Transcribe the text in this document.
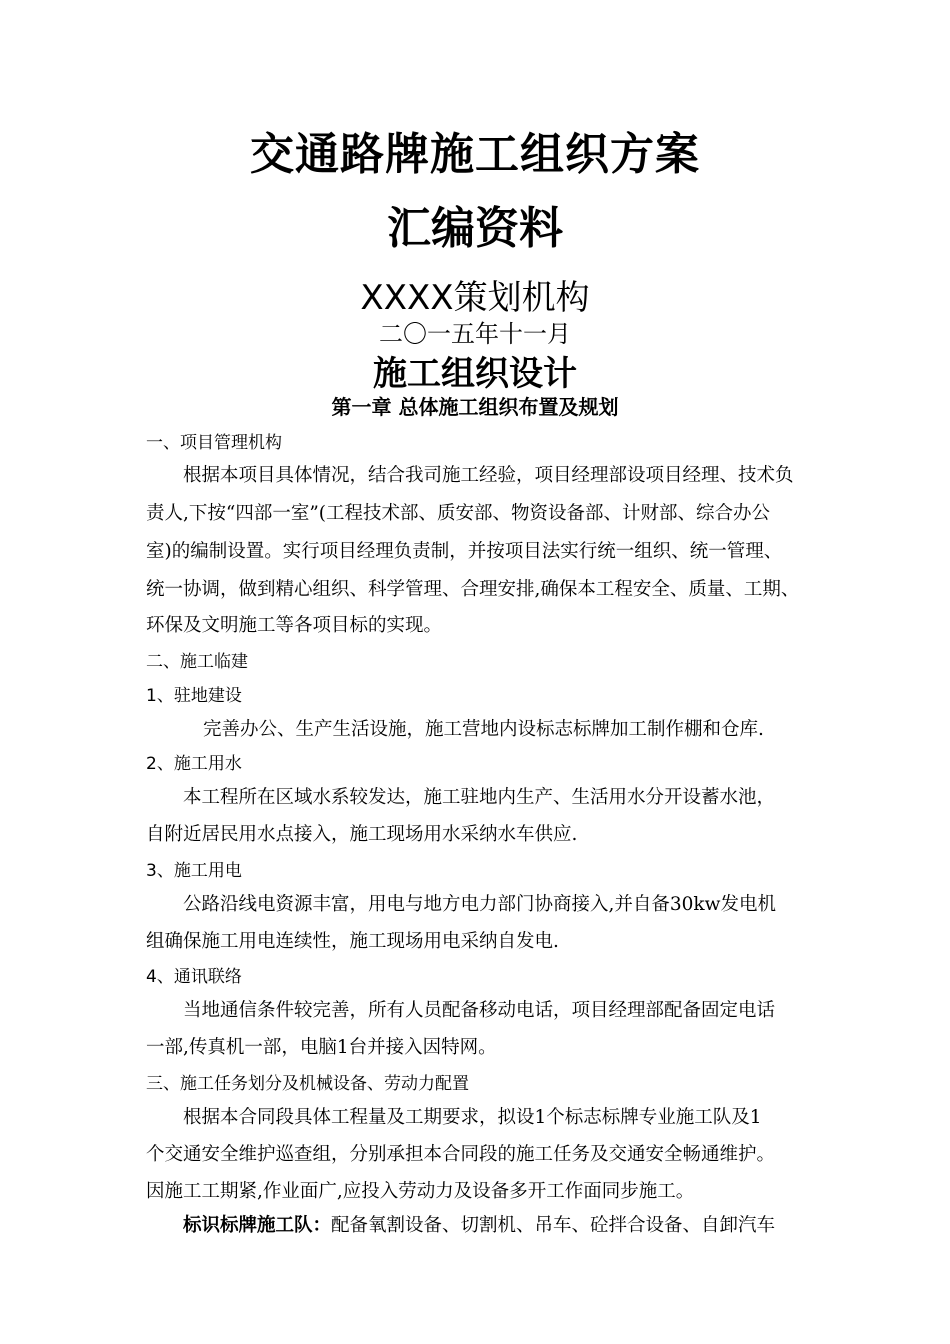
交通路牌施工组织方案
汇编资料
XXXX策划机构
二〇一五年十一月
施工组织设计
第一章 总体施工组织布置及规划
一、项目管理机构
根据本项目具体情况，结合我司施工经验，项目经理部设项目经理、技术负
责人,下按“四部一室”(工程技术部、质安部、物资设备部、计财部、综合办公
室)的编制设置。实行项目经理负责制，并按项目法实行统一组织、统一管理、
统一协调，做到精心组织、科学管理、合理安排,确保本工程安全、质量、工期、
环保及文明施工等各项目标的实现。
二、施工临建
1、驻地建设
完善办公、生产生活设施，施工营地内设标志标牌加工制作棚和仓库.
2、施工用水
本工程所在区域水系较发达，施工驻地内生产、生活用水分开设蓄水池，
自附近居民用水点接入，施工现场用水采纳水车供应.
3、施工用电
公路沿线电资源丰富，用电与地方电力部门协商接入,并自备30kw发电机
组确保施工用电连续性，施工现场用电采纳自发电.
4、通讯联络
当地通信条件较完善，所有人员配备移动电话，项目经理部配备固定电话
一部,传真机一部，电脑1台并接入因特网。
三、施工任务划分及机械设备、劳动力配置
根据本合同段具体工程量及工期要求，拟设1个标志标牌专业施工队及1
个交通安全维护巡查组，分别承担本合同段的施工任务及交通安全畅通维护。
因施工工期紧,作业面广,应投入劳动力及设备多开工作面同步施工。
标识标牌施工队：配备氧割设备、切割机、吊车、砼拌合设备、自卸汽车
